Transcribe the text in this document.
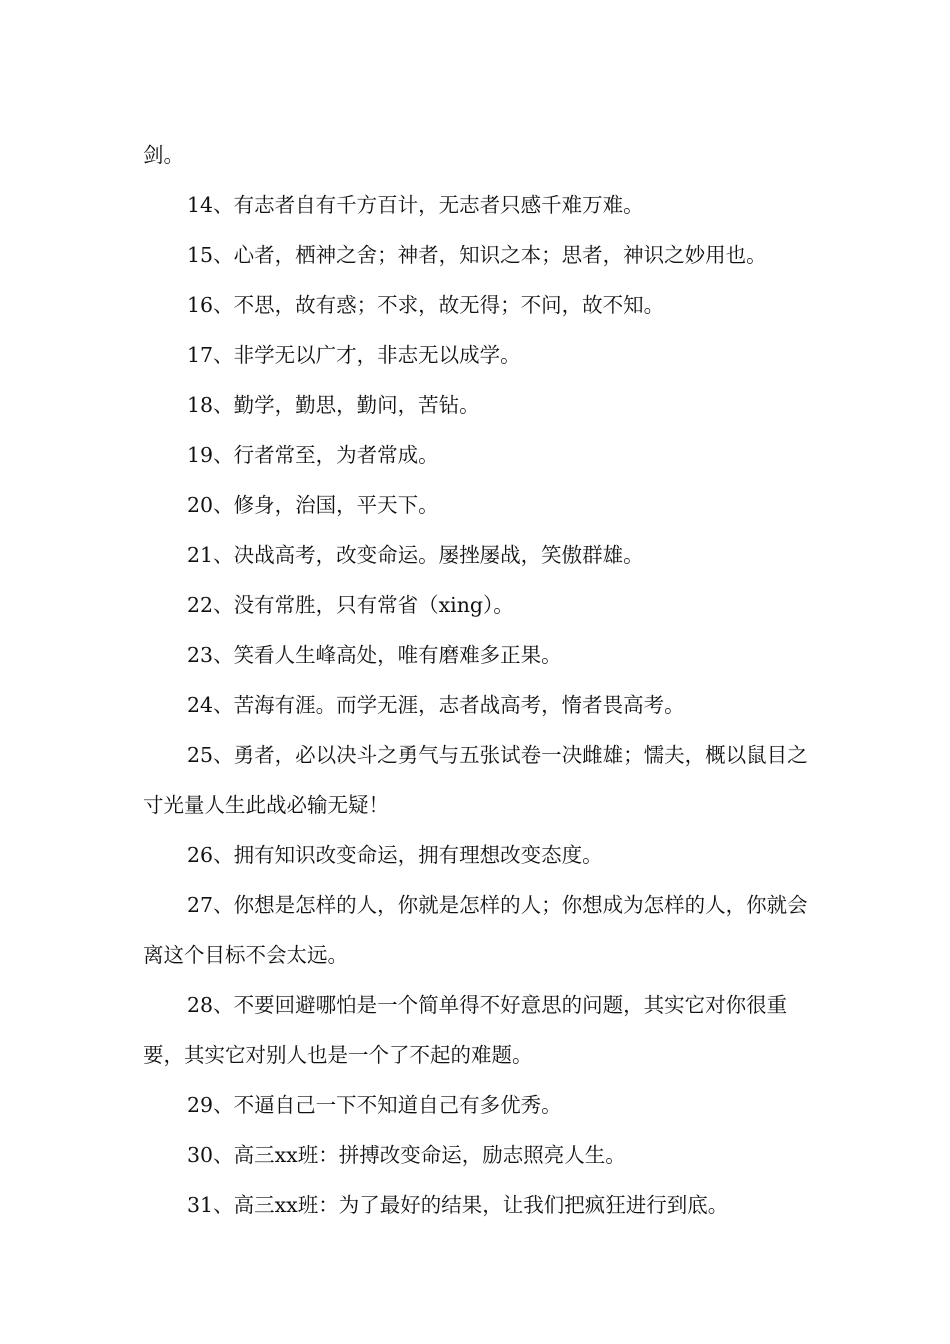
剑。

14、有志者自有千方百计，无志者只感千难万难。

15、心者，栖神之舍；神者，知识之本；思者，神识之妙用也。

16、不思，故有惑；不求，故无得；不问，故不知。

17、非学无以广才，非志无以成学。

18、勤学，勤思，勤问，苦钻。

19、行者常至，为者常成。

20、修身，治国，平天下。

21、决战高考，改变命运。屡挫屡战，笑傲群雄。

22、没有常胜，只有常省（xing）。

23、笑看人生峰高处，唯有磨难多正果。

24、苦海有涯。而学无涯，志者战高考，惰者畏高考。

25、勇者，必以决斗之勇气与五张试卷一决雌雄；懦夫，概以鼠目之寸光量人生此战必输无疑！

26、拥有知识改变命运，拥有理想改变态度。

27、你想是怎样的人，你就是怎样的人；你想成为怎样的人，你就会离这个目标不会太远。

28、不要回避哪怕是一个简单得不好意思的问题，其实它对你很重要，其实它对别人也是一个了不起的难题。

29、不逼自己一下不知道自己有多优秀。

30、高三xx班：拼搏改变命运，励志照亮人生。

31、高三xx班：为了最好的结果，让我们把疯狂进行到底。
